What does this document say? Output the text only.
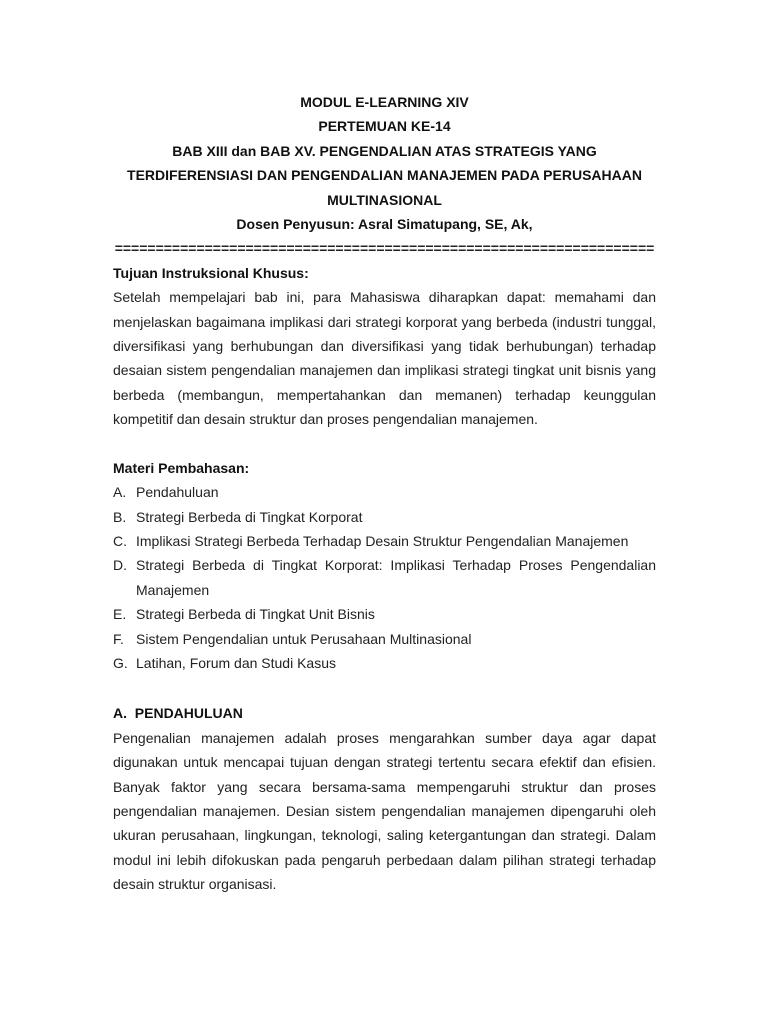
MODUL E-LEARNING XIV
PERTEMUAN KE-14
BAB XIII dan BAB XV. PENGENDALIAN ATAS STRATEGIS YANG
TERDIFERENSIASI DAN PENGENDALIAN MANAJEMEN PADA PERUSAHAAN
MULTINASIONAL
Dosen Penyusun: Asral Simatupang, SE, Ak,
==================================================================
Tujuan Instruksional Khusus:
Setelah mempelajari bab ini, para Mahasiswa diharapkan dapat: memahami dan
menjelaskan bagaimana implikasi dari strategi korporat yang berbeda (industri tunggal,
diversifikasi yang berhubungan dan diversifikasi yang tidak berhubungan) terhadap
desaian sistem pengendalian manajemen dan implikasi strategi tingkat unit bisnis yang
berbeda (membangun, mempertahankan dan memanen) terhadap keunggulan
kompetitif dan desain struktur dan proses pengendalian manajemen.
Materi Pembahasan:
A. Pendahuluan
B. Strategi Berbeda di Tingkat Korporat
C. Implikasi Strategi Berbeda Terhadap Desain Struktur Pengendalian Manajemen
D. Strategi Berbeda di Tingkat Korporat: Implikasi Terhadap Proses Pengendalian
Manajemen
E. Strategi Berbeda di Tingkat Unit Bisnis
F. Sistem Pengendalian untuk Perusahaan Multinasional
G. Latihan, Forum dan Studi Kasus
A.  PENDAHULUAN
Pengenalian manajemen adalah proses mengarahkan sumber daya agar dapat
digunakan untuk mencapai tujuan dengan strategi tertentu secara efektif dan efisien.
Banyak faktor yang secara bersama-sama mempengaruhi struktur dan proses
pengendalian manajemen. Desian sistem pengendalian manajemen dipengaruhi oleh
ukuran perusahaan, lingkungan, teknologi, saling ketergantungan dan strategi. Dalam
modul ini lebih difokuskan pada pengaruh perbedaan dalam pilihan strategi terhadap
desain struktur organisasi.
